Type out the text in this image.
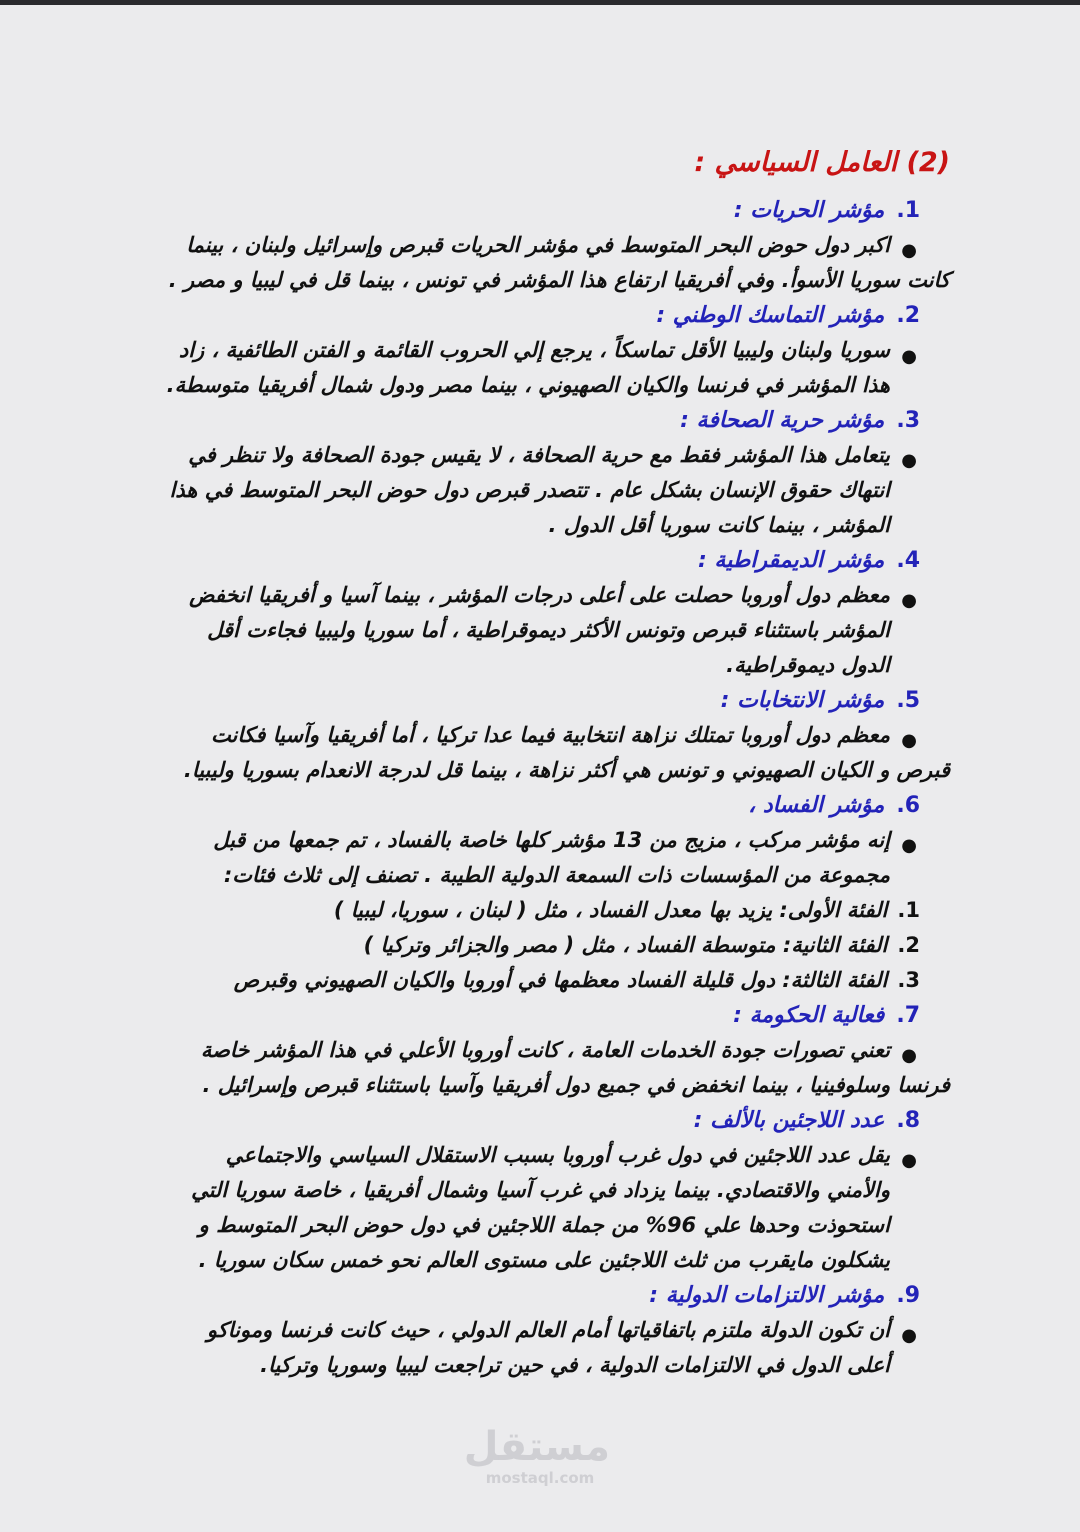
(2) العامل السياسي :
1.مؤشر الحريات :
●
اكبر دول حوض البحر المتوسط في مؤشر الحريات قبرص وإسرائيل ولبنان ، بينما
كانت سوريا الأسوأ. وفي أفريقيا ارتفاع هذا المؤشر في تونس ، بينما قل في ليبيا و مصر .
2.مؤشر التماسك الوطني :
●
سوريا ولبنان وليبيا الأقل تماسكاً ، يرجع إلي الحروب القائمة و الفتن الطائفية ، زاد
هذا المؤشر في فرنسا والكيان الصهيوني ، بينما مصر ودول شمال أفريقيا متوسطة.
3.مؤشر حرية الصحافة :
●
يتعامل هذا المؤشر فقط مع حرية الصحافة ، لا يقيس جودة الصحافة ولا تنظر في
انتهاك حقوق الإنسان بشكل عام . تتصدر قبرص دول حوض البحر المتوسط في هذا
المؤشر ، بينما كانت سوريا أقل الدول .
4.مؤشر الديمقراطية :
●
معظم دول أوروبا حصلت على أعلى درجات المؤشر ، بينما آسيا و أفريقيا انخفض
المؤشر باستثناء قبرص وتونس الأكثر ديموقراطية ، أما سوريا وليبيا فجاءت أقل
الدول ديموقراطية.
5.مؤشر الانتخابات :
●
معظم دول أوروبا تمتلك نزاهة انتخابية فيما عدا تركيا ، أما أفريقيا وآسيا فكانت
قبرص و الكيان الصهيوني و تونس هي أكثر نزاهة ، بينما قل لدرجة الانعدام بسوريا وليبيا.
6.مؤشر الفساد ،
●
إنه مؤشر مركب ، مزيج من 13 مؤشر كلها خاصة بالفساد ، تم جمعها من قبل
مجموعة من المؤسسات ذات السمعة الدولية الطيبة . تصنف إلى ثلاث فئات:
1.الفئة الأولى: يزيد بها معدل الفساد ، مثل ( لبنان ، سوريا، ليبيا )
2.الفئة الثانية: متوسطة الفساد ، مثل ( مصر والجزائر وتركيا )
3.الفئة الثالثة: دول قليلة الفساد معظمها في أوروبا والكيان الصهيوني وقبرص
7.فعالية الحكومة :
●
تعني تصورات جودة الخدمات العامة ، كانت أوروبا الأعلي في هذا المؤشر خاصة
فرنسا وسلوفينيا ، بينما انخفض في جميع دول أفريقيا وآسيا باستثناء قبرص وإسرائيل .
8.عدد اللاجئين بالألف :
●
يقل عدد اللاجئين في دول غرب أوروبا بسبب الاستقلال السياسي والاجتماعي
والأمني والاقتصادي. بينما يزداد في غرب آسيا وشمال أفريقيا ، خاصة سوريا التي
استحوذت وحدها علي 96% من جملة اللاجئين في دول حوض البحر المتوسط و
يشكلون مايقرب من ثلث اللاجئين على مستوى العالم نحو خمس سكان سوريا .
9.مؤشر الالتزامات الدولية :
●
أن تكون الدولة ملتزم باتفاقياتها أمام العالم الدولي ، حيث كانت فرنسا وموناكو
أعلى الدول في الالتزامات الدولية ، في حين تراجعت ليبيا وسوريا وتركيا.
مستقل
mostaql.com
